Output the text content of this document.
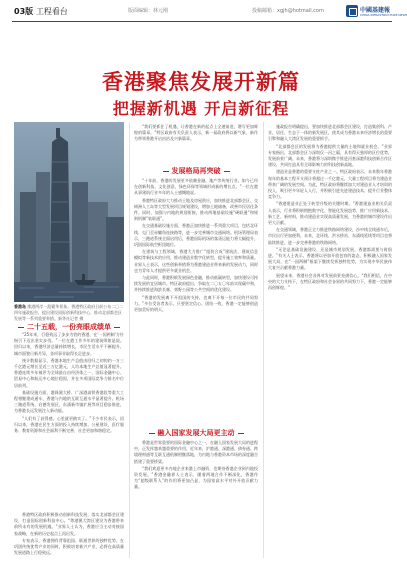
03版 工程看台	版面编辑：林元刚	投稿邮箱：xgjh@hotmail.com	中國基建報
CHINA INFRASTRUCTURE NEWS
香港聚焦发展开新篇
把握新机遇 开启新征程
香港岛 维港两岸一派繁华景象。香港特区政府日前公布二〇二四年施政报告，提出建设国际创新科技中心、推动北部都会区发展等一系列重要举措。新华社记者 摄
二十五载，一份亮眼成绩单

“25年来，行稳致远了步步为营的香港，在‘一国两制’方针指引下迈出坚实步伐。”一位在港工作多年的建筑师如是说。回归以来，香港经济总量持续增长，市民生活水平不断提升，城市面貌日新月异，各项事业取得长足进步。

统计数据显示，香港本地生产总值由回归之初的约一万三千亿港元增长至近三万亿港元，人均本地生产总值显著提升。香港连续多年被评为全球最自由经济体之一，国际金融中心、贸易中心和航运中心地位稳固，并在多项国际竞争力排名中位居前列。

基础设施方面，港珠澳大桥、广深港高铁香港段等重大工程相继建成通车，香港与内地的互联互通水平显著提升。机场三跑道系统、启德发展区、东涌新市镇扩展等项目稳步推进，为香港长远发展注入新动能。

“人们有了获得感，心里就更踏实了。”不少市民表示，回归以来，香港在民生方面的投入持续增加，公屋建设、医疗服务、教育资源和社会福利不断完善，社会更加和谐稳定。

香港特区政府积极推动创新科技发展，落实北部都会区建设，打造国际创新科技中心。“粤港澳大湾区建设为香港带来前所未有的发展机遇。”业界人士认为，香港应当主动对接国家战略，在新的历史起点上再出发。

专家表示，香港拥有背靠祖国、联通世界的独特优势，在巩固传统优势产业的同时，积极培育新兴产业，必将在高质量发展道路上行稳致远。

“我们要抓住了机遇，让香港在新的起点上全速前进，谱写更加辉煌的篇章。”特区政府有关负责人表示，新一届政府将以新气象、新作为带领香港开启由治及兴新篇章。

发展格局再突破

“十年前，香港的发展更多依赖金融、地产等传统行业，如今已经在创新科技、文化创意、绿色环保等领域形成新的增长点。”一位在港从事建筑行业多年的人士感慨地说。

香港特区政府大力推动土地及房屋供应，加快推进北部都会区、交椅洲人工岛等大型发展项目规划建设，增加土地储备，改善市民居住条件。同时，加强与内地的规划衔接，推动两地基础设施“硬联通”和规则机制“软联通”。

在交通基础设施方面，香港正加快推进一系列重大项目，包括北环线、屯门至赤鱲角连接路等，进一步完善城市交通网络。机场管理局表示，三跑道系统全面启用后，香港国际机场的客货运能力将大幅提升，巩固国际航空枢纽地位。

在建筑与工程领域，香港大力推广“组装合成”建筑法、建筑信息模拟等新技术的应用，推动建造业数字化转型，提升施工效率和质量。业界人士表示，这些创新举措将为香港建造业带来新的发展动力，同时也为青年人才提供更多就业机会。

与此同时，香港积极发展绿色金融，推动低碳转型，加快建设可持续发展的宜居城市。特区政府提出，争取在二〇五〇年前实现碳中和，并持续推进海滨长廊、郊野公园等公共空间的优化建设。

“香港的发展离不开祖国的支持，也离不开每一位市民的共同努力。”多位受访者表示，只要坚定信心、团结一致，香港一定能够创造更加美好的明天。

融入国家发展大局更主动

香港是世界重要的国际金融中心之一，在融入国家发展大局的进程中，正发挥越来越重要的作用。近年来，沪港通、深港通、债券通、跨境理财通等互联互通机制相继落地，为内地与香港资本市场的深度融合搭建了重要桥梁。

“我们欢迎更多内地企业来港上市融资，也期待香港企业到内地投资发展。”香港金融界人士表示，随着两地合作不断深化，香港作为“超级联系人”的作用将更加凸显，为国家高水平对外开放贡献力量。

施政报告明确提出，要加快推进北部都会区建设，打造集创科、产业、居住、生态于一体的新发展区，使其成为香港未来经济增长的重要引擎和融入大湾区发展的重要抓手。

“北部都会区的发展将为香港提供大量的土地和就业机会。”业界专家指出，北部都会区与深圳仅一河之隔，具有得天独厚的区位优势，发展前景广阔。未来，香港将与深圳携手推进河套深港科技创新合作区建设，共同打造具有全球影响力的科技创新高地。

建造业是香港的重要支柱产业之一。特区政府表示，未来数年香港每年的基本工程开支预计将超过一千亿港元，大量工程项目将为建造业带来广阔的发展空间。为此，特区政府将继续加大对建造业人才培训的投入，吸引更多年轻人入行，并积极引进先进建造技术，提升行业整体竞争力。

“香港建造业正处于转型升级的关键时期。”香港建造业相关负责人表示，行业将积极拥抱数字化、智能化发展趋势，推广应用新技术、新工艺、新材料，推动建造业实现高质量发展，为香港的城市建设作出更大贡献。

在交通领域，香港正全力推进铁路网络建设，沙中线全线通车后，市民出行更加便利。未来，北环线、洪水桥站、东涌线延线等项目也将陆续推进，进一步完善香港的铁路网络。

“无论是基础设施建设，还是城市规划发展，香港都需要与时俱进。”有关人士表示，香港将以更加开放包容的姿态，积极融入国家发展大局，在“一国两制”框架下继续发挥独特优势，为实现中华民族伟大复兴贡献香港力量。

展望未来，香港社会各界对发展前景充满信心。“我们相信，在中央的大力支持下，在特区政府和社会各界的共同努力下，香港一定能够再创辉煌。”
